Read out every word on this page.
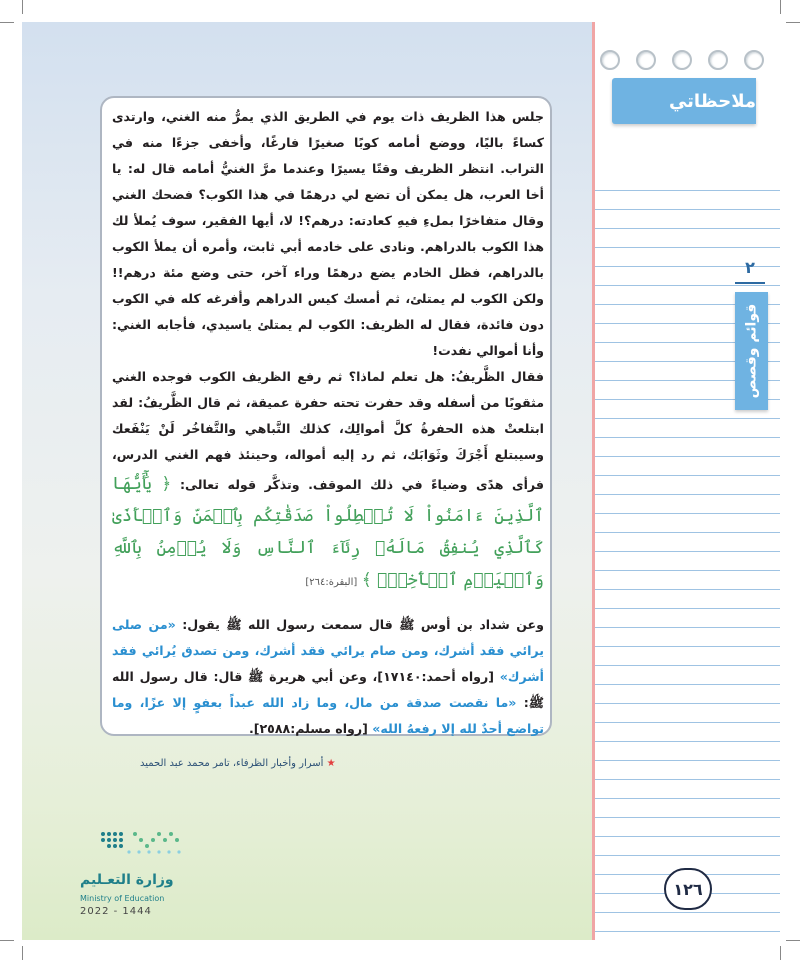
ملاحظاتي
٢
قوائم وقصص

جلس هذا الظريف ذات يوم في الطريق الذي يمرُّ منه الغني، وارتدى كساءً باليًا، ووضع أمامه كوبًا صغيرًا فارغًا، وأخفى جزءًا منه في التراب. انتظر الظريف وقتًا يسيرًا وعندما مرَّ الغنيُّ أمامه قال له: يا أخا العرب، هل يمكن أن تضع لي درهمًا في هذا الكوب؟ فضحك الغني وقال متفاخرًا بملءِ فيهِ كعادته: درهم؟! لا، أيها الفقير، سوف يُملأ لك هذا الكوب بالدراهم. ونادى على خادمه أبي ثابت، وأمره أن يملأ الكوب بالدراهم، فظل الخادم يضع درهمًا وراء آخر، حتى وضع مئة درهم!! ولكن الكوب لم يمتلئ، ثم أمسك كيس الدراهم وأفرغه كله في الكوب دون فائدة، فقال له الظريف: الكوب لم يمتلئ ياسيدي، فأجابه الغني: وأنا أموالي نفدت!

فقال الظَّريفُ: هل تعلم لماذا؟ ثم رفع الظريف الكوب فوجده الغني مثقوبًا من أسفله وقد حفرت تحته حفرة عميقة، ثم قال الظَّريفُ: لقد ابتلعتْ هذه الحفرةُ كلَّ أموالِك، كذلك التَّباهي والتَّفاخُر لَنْ يَنْفَعك وسيبتلع أَجْرَكَ وثَوَابَك، ثم رد إليه أمواله، وحينئذ فهم الغني الدرس، فرأى هدًى وضياءً في ذلك الموقف. وتذكَّر قوله تعالى: ﴿ يَٰٓأَيُّهَا ٱلَّذِينَ ءَامَنُواْ لَا تُبۡطِلُواْ صَدَقَٰتِكُم بِٱلۡمَنِّ وَٱلۡأَذَىٰ كَٱلَّذِي يُنفِقُ مَالَهُۥ رِئَآءَ ٱلنَّاسِ وَلَا يُؤۡمِنُ بِٱللَّهِ وَٱلۡيَوۡمِ ٱلۡأٓخِرِۖ ﴾ [البقرة:٢٦٤]

وعن شداد بن أوس ﷺ قال سمعت رسول الله ﷺ يقول: «من صلى يرائي فقد أشرك، ومن صام يرائي فقد أشرك، ومن تصدق يُرائي فقد أشرك» [رواه أحمد:١٧١٤٠]، وعن أبي هريرة ﷺ قال: قال رسول الله ﷺ: «ما نقصت صدقة من مال، وما زاد الله عبداً بعفوٍ إلا عزًا، وما تواضع أحدٌ لله إلا رفعهُ الله» [رواه مسلم:٢٥٨٨].

★ أسرار وأخبار الظرفاء، تامر محمد عبد الحميد
وزارة التعـليم
Ministry of Education
2022 - 1444
١٢٦
